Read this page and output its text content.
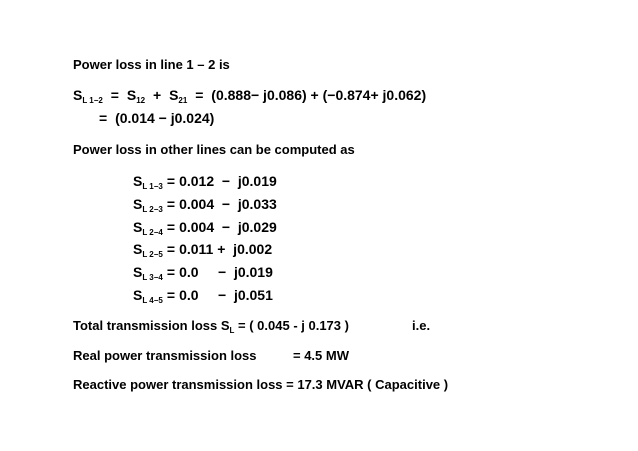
Power loss in line 1 – 2 is
$S_{L 1-2} = S_{12} + S_{21} = (0.888- j0.086) + (-0.874+ j0.062)$
= (0.014 − j0.024)
Power loss in other lines can be computed as
$S_{L 1-3} = 0.012 - j0.019$
$S_{L 2-3} = 0.004 - j0.033$
$S_{L 2-4} = 0.004 - j0.029$
$S_{L 2-5} = 0.011 + j0.002$
$S_{L 3-4} = 0.0$     −  j0.019
$S_{L 4-5} = 0.0$     −  j0.051
Total transmission loss $S_L$ = ( 0.045 - j 0.173 )	i.e.
Real power transmission loss	= 4.5 MW
Reactive power transmission loss = 17.3 MVAR ( Capacitive )
